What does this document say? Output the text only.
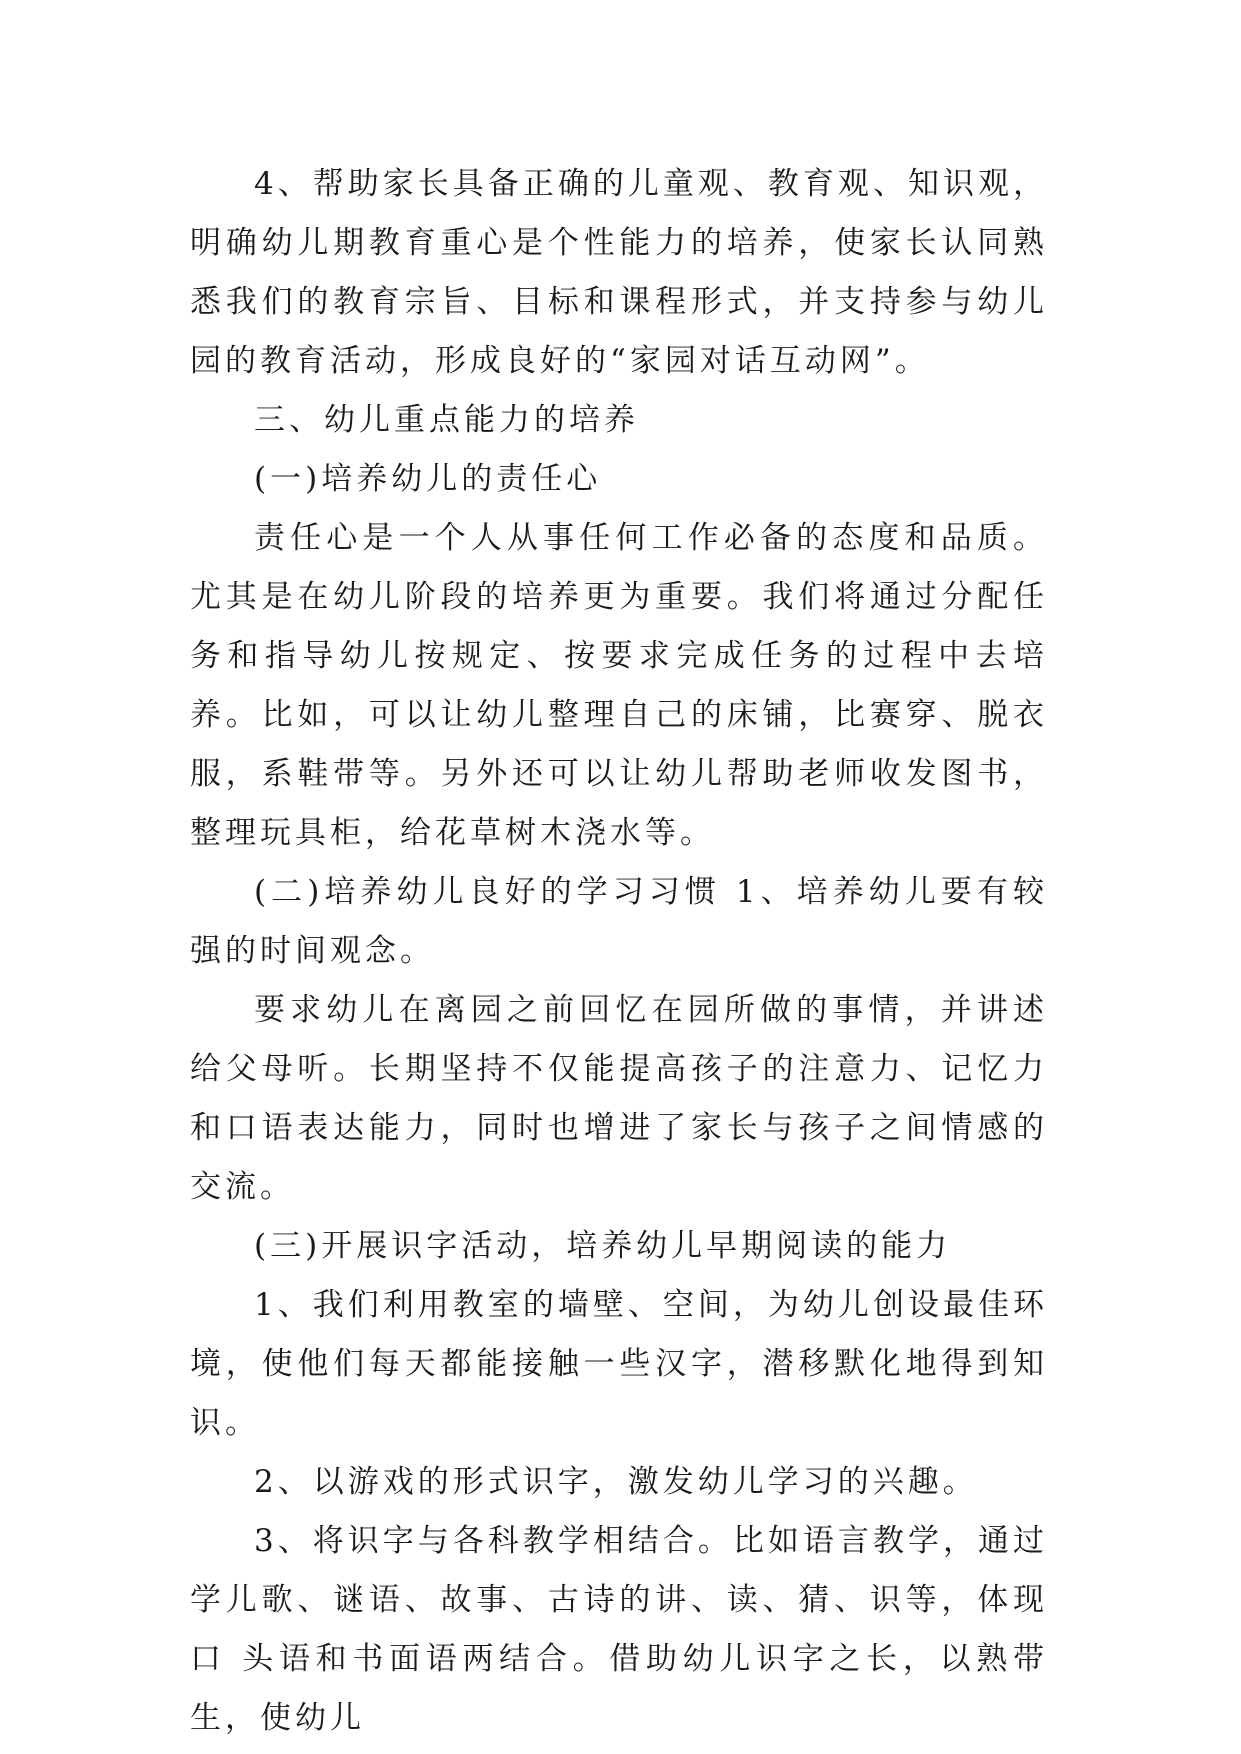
4、帮助家长具备正确的儿童观、教育观、知识观，明确幼儿期教育重心是个性能力的培养，使家长认同熟悉我们的教育宗旨、目标和课程形式，并支持参与幼儿园的教育活动，形成良好的“家园对话互动网”。

三、幼儿重点能力的培养

(一)培养幼儿的责任心

责任心是一个人从事任何工作必备的态度和品质。 尤其是在幼儿阶段的培养更为重要。我们将通过分配任务和指导幼儿按规定、按要求完成任务的过程中去培养。比如，可以让幼儿整理自己的床铺，比赛穿、脱衣服，系鞋带等。另外还可以让幼儿帮助老师收发图书，整理玩具柜，给花草树木浇水等。

(二)培养幼儿良好的学习习惯 1、培养幼儿要有较强的时间观念。

要求幼儿在离园之前回忆在园所做的事情，并讲述给父母听。长期坚持不仅能提高孩子的注意力、记忆力和口语表达能力，同时也增进了家长与孩子之间情感的交流。

(三)开展识字活动，培养幼儿早期阅读的能力

1、我们利用教室的墙壁、空间，为幼儿创设最佳环境，使他们每天都能接触一些汉字，潜移默化地得到知识。

2、以游戏的形式识字，激发幼儿学习的兴趣。

3、将识字与各科教学相结合。比如语言教学，通过学儿歌、谜语、故事、古诗的讲、读、猜、识等，体现口 头语和书面语两结合。借助幼儿识字之长，以熟带生，使幼儿
